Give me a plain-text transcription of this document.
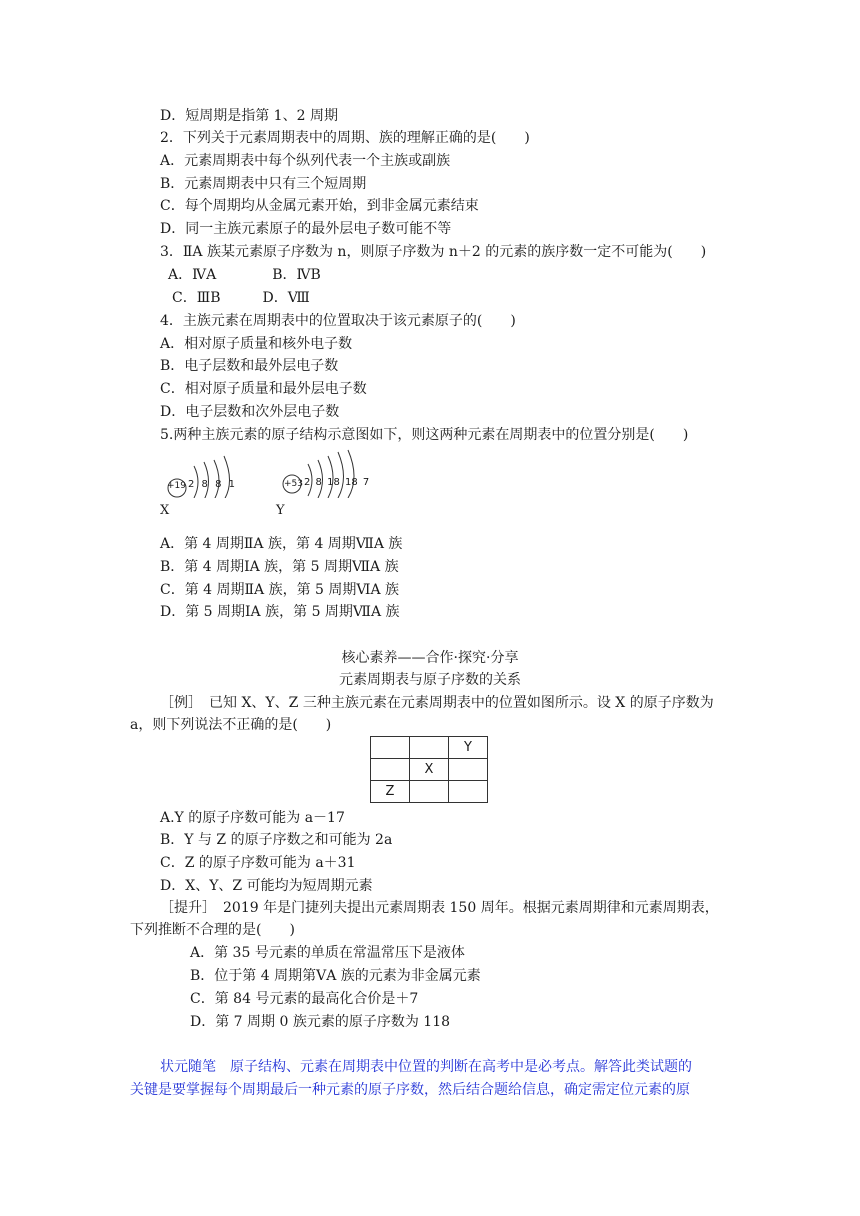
D．短周期是指第 1、2 周期
2．下列关于元素周期表中的周期、族的理解正确的是(　　)
A．元素周期表中每个纵列代表一个主族或副族
B．元素周期表中只有三个短周期
C．每个周期均从金属元素开始，到非金属元素结束
D．同一主族元素原子的最外层电子数可能不等
3．ⅡA 族某元素原子序数为 n，则原子序数为 n＋2 的元素的族序数一定不可能为(　　)
A．ⅣA　　　　B．ⅣB
C．ⅢB　　　D．Ⅷ
4．主族元素在周期表中的位置取决于该元素原子的(　　)
A．相对原子质量和核外电子数
B．电子层数和最外层电子数
C．相对原子质量和最外层电子数
D．电子层数和次外层电子数
5.两种主族元素的原子结构示意图如下，则这两种元素在周期表中的位置分别是(　　)
+19 2 8 8 1
X
+53 2 8 18 18 7
Y
A．第 4 周期ⅡA 族，第 4 周期ⅦA 族
B．第 4 周期ⅠA 族，第 5 周期ⅦA 族
C．第 4 周期ⅡA 族，第 5 周期ⅥA 族
D．第 5 周期ⅠA 族，第 5 周期ⅦA 族
核心素养——合作·探究·分享
元素周期表与原子序数的关系
［例］　已知 X、Y、Z 三种主族元素在元素周期表中的位置如图所示。设 X 的原子序数为
a，则下列说法不正确的是(　　)
		Y
	X	
Z		
A.Y 的原子序数可能为 a－17
B．Y 与 Z 的原子序数之和可能为 2a
C．Z 的原子序数可能为 a＋31
D．X、Y、Z 可能均为短周期元素
［提升］　2019 年是门捷列夫提出元素周期表 150 周年。根据元素周期律和元素周期表，
下列推断不合理的是(　　)
A．第 35 号元素的单质在常温常压下是液体
B．位于第 4 周期第ⅤA 族的元素为非金属元素
C．第 84 号元素的最高化合价是＋7
D．第 7 周期 0 族元素的原子序数为 118
状元随笔　原子结构、元素在周期表中位置的判断在高考中是必考点。解答此类试题的
关键是要掌握每个周期最后一种元素的原子序数，然后结合题给信息，确定需定位元素的原
